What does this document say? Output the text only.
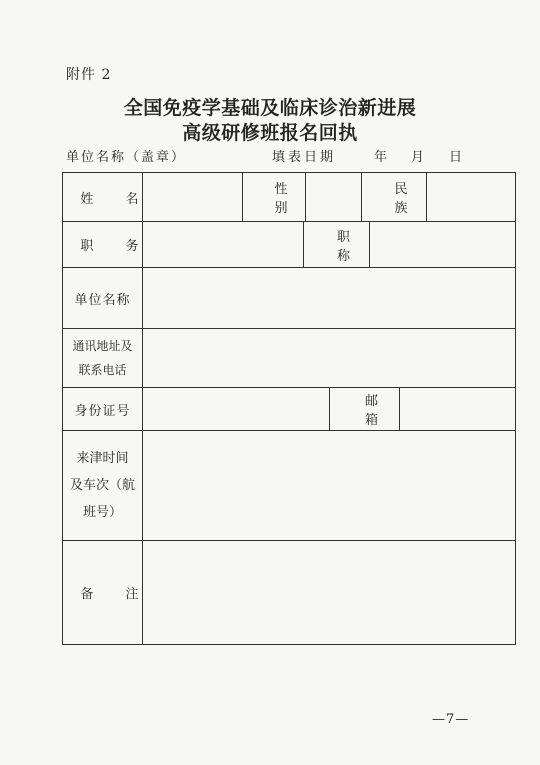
附件 2
全国免疫学基础及临床诊治新进展
高级研修班报名回执
单位名称（盖章）	填表日期	年 月 日
姓 名
性 别
民 族
职 务
职 称
单位名称
通讯地址及
联系电话
身份证号
邮 箱
来津时间
及车次（航
班号）
备 注
—7—
